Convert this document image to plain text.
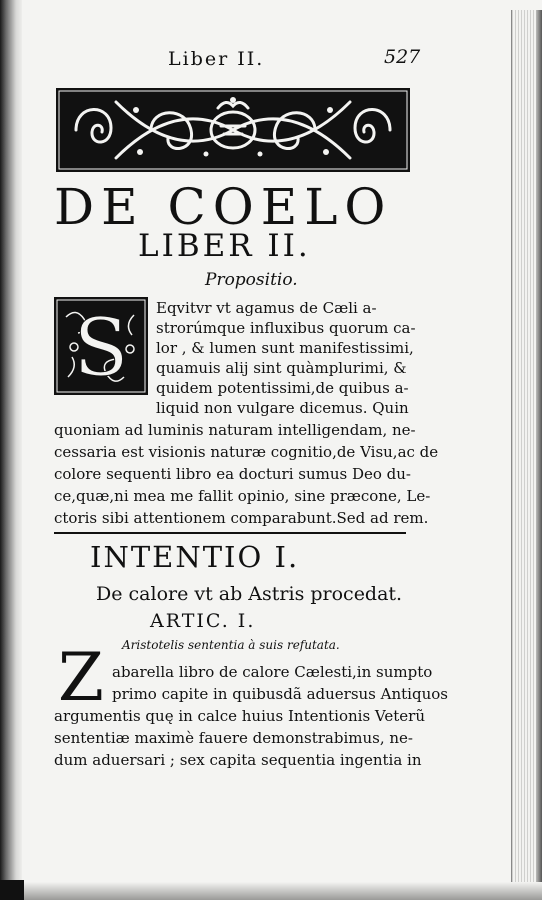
Liber II.	527
DE COELO
LIBER II.
Propositio.
S Eqvitvr vt agamus de Cæli a-
strorúmque influxibus quorum ca-
lor , & lumen sunt manifestissimi,
quamuis alij sint quàmplurimi, &
quidem potentissimi,de quibus a-
liquid non vulgare dicemus. Quin
quoniam ad luminis naturam intelligendam, ne-
cessaria est visionis naturæ cognitio,de Visu,ac de
colore sequenti libro ea docturi sumus Deo du-
ce,quæ,ni mea me fallit opinio, sine præcone, Le-
ctoris sibi attentionem comparabunt.Sed ad rem.
INTENTIO I.
De calore vt ab Astris procedat.
ARTIC. I.
Aristotelis sententia à suis refutata.
Z abarella libro de calore Cælesti,in sumpto
primo capite in quibusdã aduersus Antiquos
argumentis quę in calce huius Intentionis Veterũ
sententiæ maximè fauere demonstrabimus, ne-
dum aduersari ; sex capita sequentia ingentia in
